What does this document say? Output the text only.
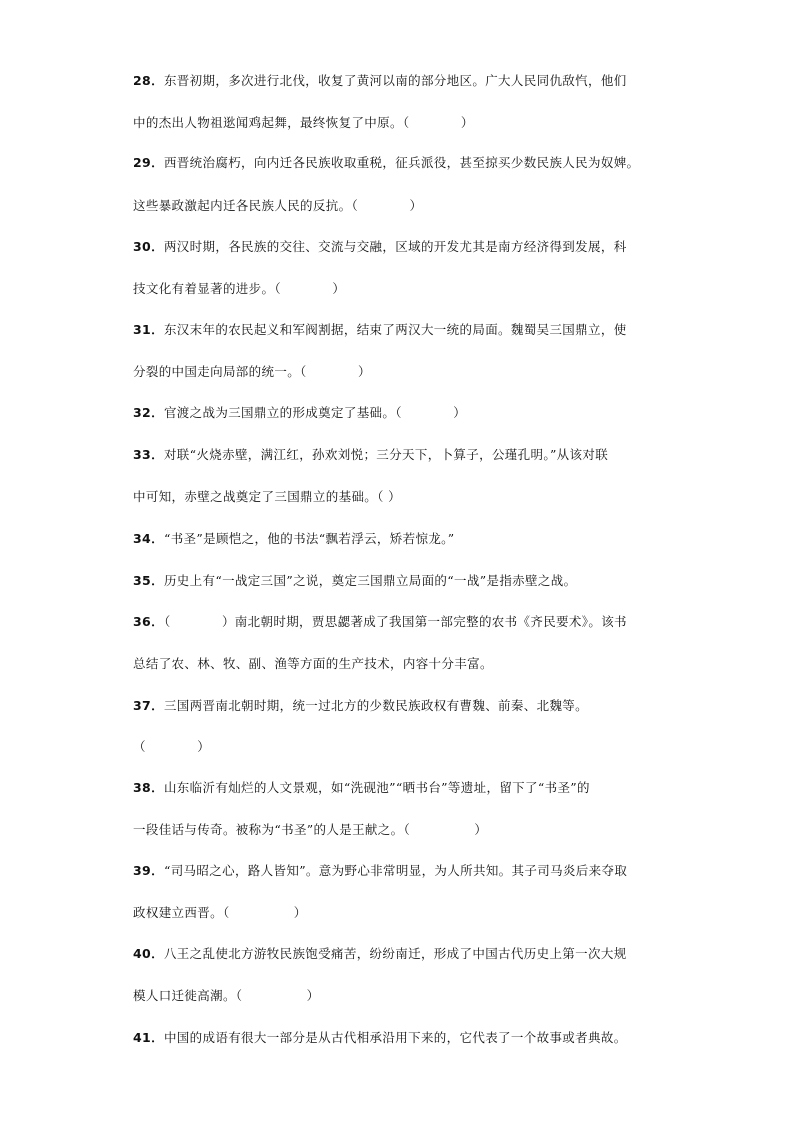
28．东晋初期，多次进行北伐，收复了黄河以南的部分地区。广大人民同仇敌忾，他们
中的杰出人物祖逖闻鸡起舞，最终恢复了中原。（　　　　）
29．西晋统治腐朽，向内迁各民族收取重税，征兵派役，甚至掠买少数民族人民为奴婢。
这些暴政激起内迁各民族人民的反抗。（　　　　）
30．两汉时期，各民族的交往、交流与交融，区域的开发尤其是南方经济得到发展，科
技文化有着显著的进步。（　　　　）
31．东汉末年的农民起义和军阀割据，结束了两汉大一统的局面。魏蜀吴三国鼎立，使
分裂的中国走向局部的统一。（　　　　）
32．官渡之战为三国鼎立的形成奠定了基础。（　　　　）
33．对联“火烧赤壁，满江红，孙欢刘悦；三分天下，卜算子，公瑾孔明。”从该对联
中可知，赤壁之战奠定了三国鼎立的基础。（ ）
34．“书圣”是顾恺之，他的书法“飘若浮云，矫若惊龙。”
35．历史上有“一战定三国”之说，奠定三国鼎立局面的“一战”是指赤壁之战。
36．（　　　　）南北朝时期，贾思勰著成了我国第一部完整的农书《齐民要术》。该书
总结了农、林、牧、副、渔等方面的生产技术，内容十分丰富。
37．三国两晋南北朝时期，统一过北方的少数民族政权有曹魏、前秦、北魏等。
（　　　　）
38．山东临沂有灿烂的人文景观，如“洗砚池”“晒书台”等遗址，留下了“书圣”的
一段佳话与传奇。被称为“书圣”的人是王献之。（　　　　　）
39．“司马昭之心，路人皆知”。意为野心非常明显，为人所共知。其子司马炎后来夺取
政权建立西晋。（　　　　　）
40．八王之乱使北方游牧民族饱受痛苦，纷纷南迁，形成了中国古代历史上第一次大规
模人口迁徙高潮。（　　　　　）
41．中国的成语有很大一部分是从古代相承沿用下来的，它代表了一个故事或者典故。
